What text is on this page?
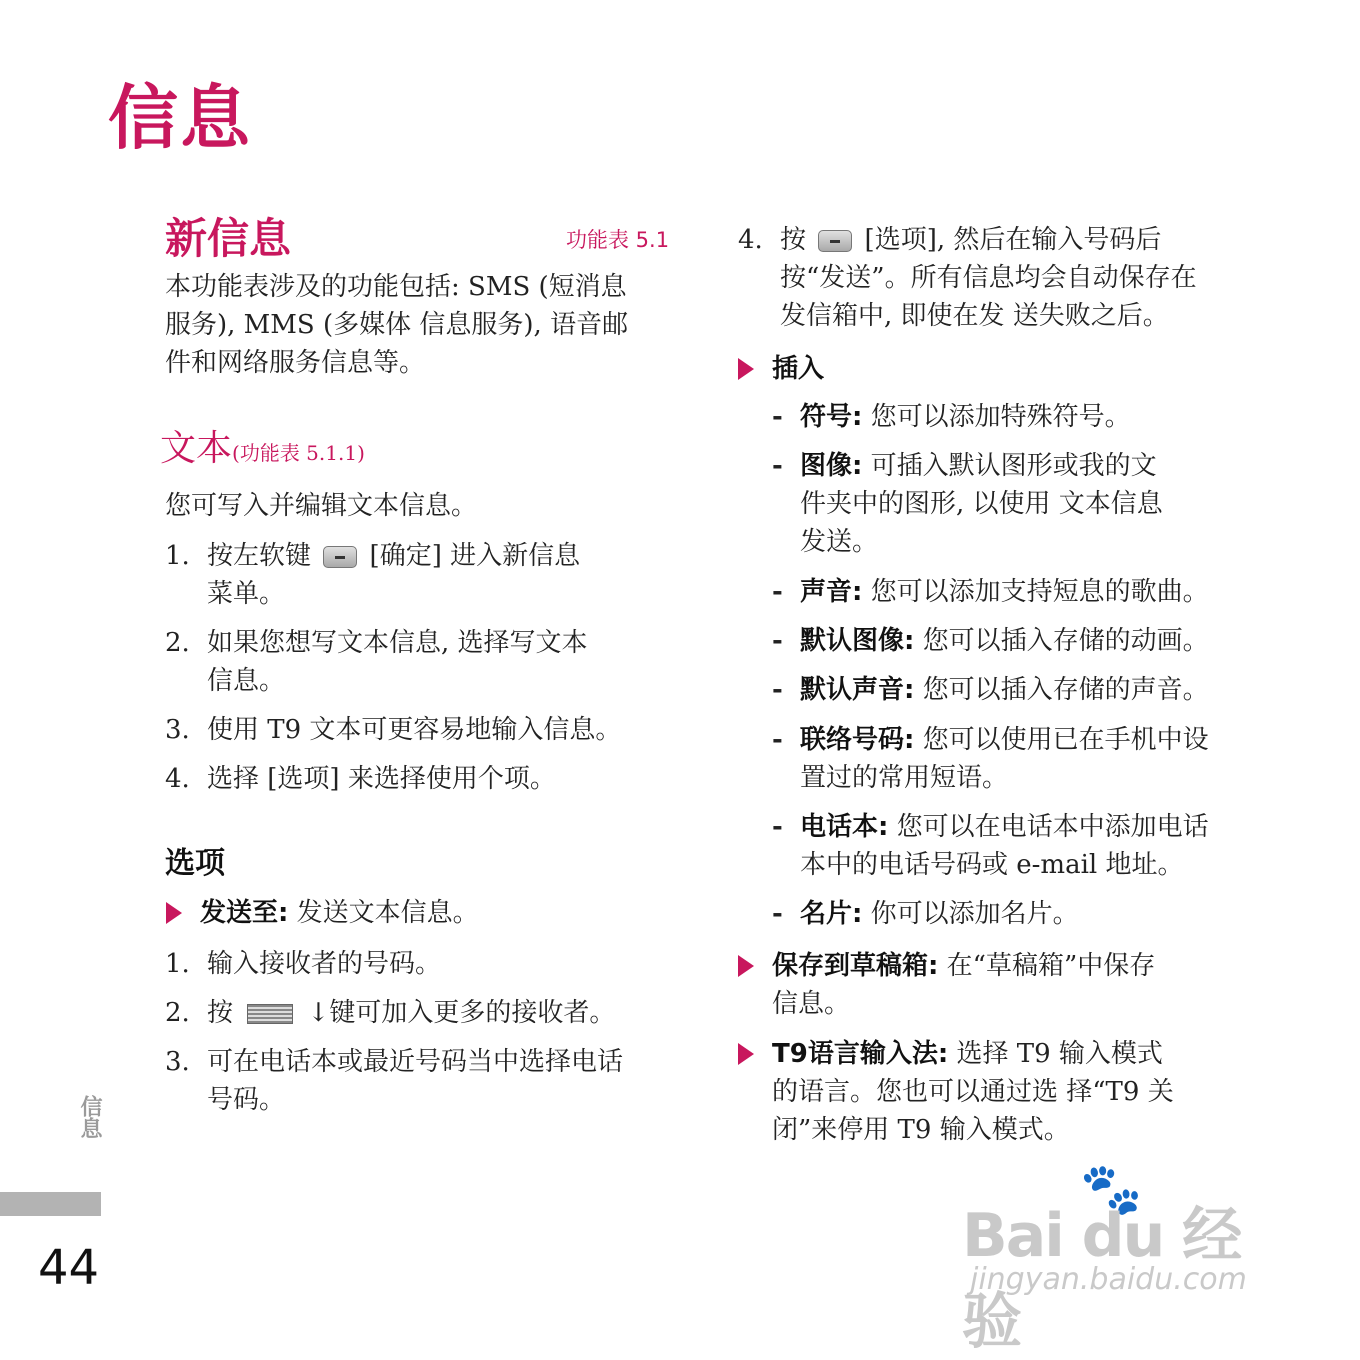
信息
新信息	功能表 5.1
本功能表涉及的功能包括: SMS (短消息
服务), MMS (多媒体 信息服务), 语音邮
件和网络服务信息等。
文本(功能表 5.1.1)
您可写入并编辑文本信息。
1. 按左软键 [确定] 进入新信息
菜单。
2. 如果您想写文本信息, 选择写文本
信息。
3. 使用 T9 文本可更容易地输入信息。
4. 选择 [选项] 来选择使用个项。
选项
发送至: 发送文本信息。
1. 输入接收者的号码。
2. 按	↓键可加入更多的接收者。
3. 可在电话本或最近号码当中选择电话
号码。
4. 按 [选项], 然后在输入号码后
按“发送”。所有信息均会自动保存在
发信箱中, 即使在发 送失败之后。
插入
- 符号: 您可以添加特殊符号。
- 图像: 可插入默认图形或我的文
件夹中的图形, 以使用 文本信息
发送。
- 声音: 您可以添加支持短息的歌曲。
- 默认图像: 您可以插入存储的动画。
- 默认声音: 您可以插入存储的声音。
- 联络号码: 您可以使用已在手机中设
置过的常用短语。
- 电话本: 您可以在电话本中添加电话
本中的电话号码或 e-mail 地址。
- 名片: 你可以添加名片。
保存到草稿箱: 在“草稿箱”中保存
信息。
T9语言输入法: 选择 T9 输入模式
的语言。您也可以通过选 择“T9 关
闭”来停用 T9 输入模式。
信息
44
🐾
Bai du 经验
jingyan.baidu.com
